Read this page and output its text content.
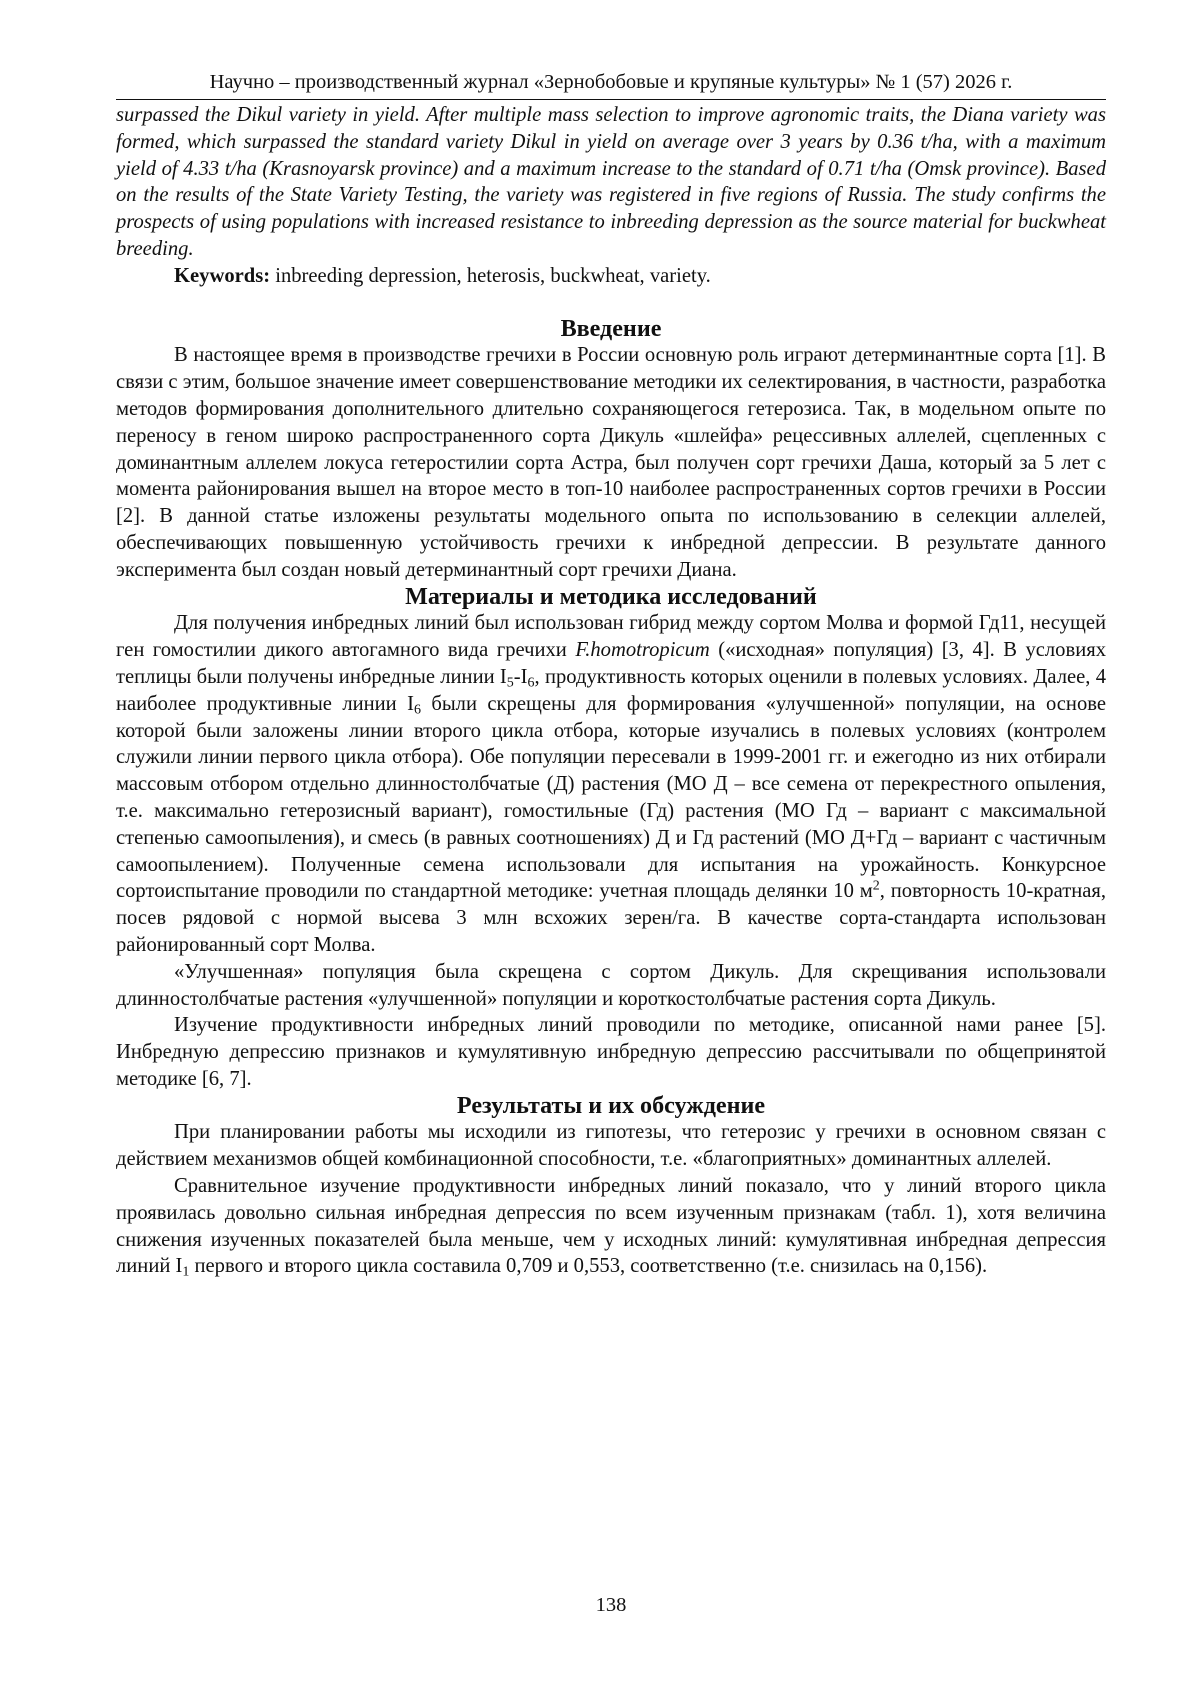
Научно – производственный журнал «Зернобобовые и крупяные культуры» № 1 (57) 2026 г.

surpassed the Dikul variety in yield. After multiple mass selection to improve agronomic traits, the Diana variety was formed, which surpassed the standard variety Dikul in yield on average over 3 years by 0.36 t/ha, with a maximum yield of 4.33 t/ha (Krasnoyarsk province) and a maximum increase to the standard of 0.71 t/ha (Omsk province). Based on the results of the State Variety Testing, the variety was registered in five regions of Russia. The study confirms the prospects of using populations with increased resistance to inbreeding depression as the source material for buckwheat breeding.

Keywords: inbreeding depression, heterosis, buckwheat, variety.

Введение

В настоящее время в производстве гречихи в России основную роль играют детерминантные сорта [1]. В связи с этим, большое значение имеет совершенствование методики их селектирования, в частности, разработка методов формирования дополнительного длительно сохраняющегося гетерозиса. Так, в модельном опыте по переносу в геном широко распространенного сорта Дикуль «шлейфа» рецессивных аллелей, сцепленных с доминантным аллелем локуса гетеростилии сорта Астра, был получен сорт гречихи Даша, который за 5 лет с момента районирования вышел на второе место в топ-10 наиболее распространенных сортов гречихи в России [2]. В данной статье изложены результаты модельного опыта по использованию в селекции аллелей, обеспечивающих повышенную устойчивость гречихи к инбредной депрессии. В результате данного эксперимента был создан новый детерминантный сорт гречихи Диана.

Материалы и методика исследований

Для получения инбредных линий был использован гибрид между сортом Молва и формой Гд11, несущей ген гомостилии дикого автогамного вида гречихи F.homotropicum («исходная» популяция) [3, 4]. В условиях теплицы были получены инбредные линии $I_5-I_6$, продуктивность которых оценили в полевых условиях. Далее, 4 наиболее продуктивные линии $I_6$ были скрещены для формирования «улучшенной» популяции, на основе которой были заложены линии второго цикла отбора, которые изучались в полевых условиях (контролем служили линии первого цикла отбора). Обе популяции пересевали в 1999-2001 гг. и ежегодно из них отбирали массовым отбором отдельно длинностолбчатые (Д) растения (МО Д – все семена от перекрестного опыления, т.е. максимально гетерозисный вариант), гомостильные (Гд) растения (МО Гд – вариант с максимальной степенью самоопыления), и смесь (в равных соотношениях) Д и Гд растений (МО Д+Гд – вариант с частичным самоопылением). Полученные семена использовали для испытания на урожайность. Конкурсное сортоиспытание проводили по стандартной методике: учетная площадь делянки 10 $м^2$, повторность 10-кратная, посев рядовой с нормой высева 3 млн всхожих зерен/га. В качестве сорта-стандарта использован районированный сорт Молва.

«Улучшенная» популяция была скрещена с сортом Дикуль. Для скрещивания использовали длинностолбчатые растения «улучшенной» популяции и короткостолбчатые растения сорта Дикуль.

Изучение продуктивности инбредных линий проводили по методике, описанной нами ранее [5]. Инбредную депрессию признаков и кумулятивную инбредную депрессию рассчитывали по общепринятой методике [6, 7].

Результаты и их обсуждение

При планировании работы мы исходили из гипотезы, что гетерозис у гречихи в основном связан с действием механизмов общей комбинационной способности, т.е. «благоприятных» доминантных аллелей.

Сравнительное изучение продуктивности инбредных линий показало, что у линий второго цикла проявилась довольно сильная инбредная депрессия по всем изученным признакам (табл. 1), хотя величина снижения изученных показателей была меньше, чем у исходных линий: кумулятивная инбредная депрессия линий $I_1$ первого и второго цикла составила 0,709 и 0,553, соответственно (т.е. снизилась на 0,156).

138
